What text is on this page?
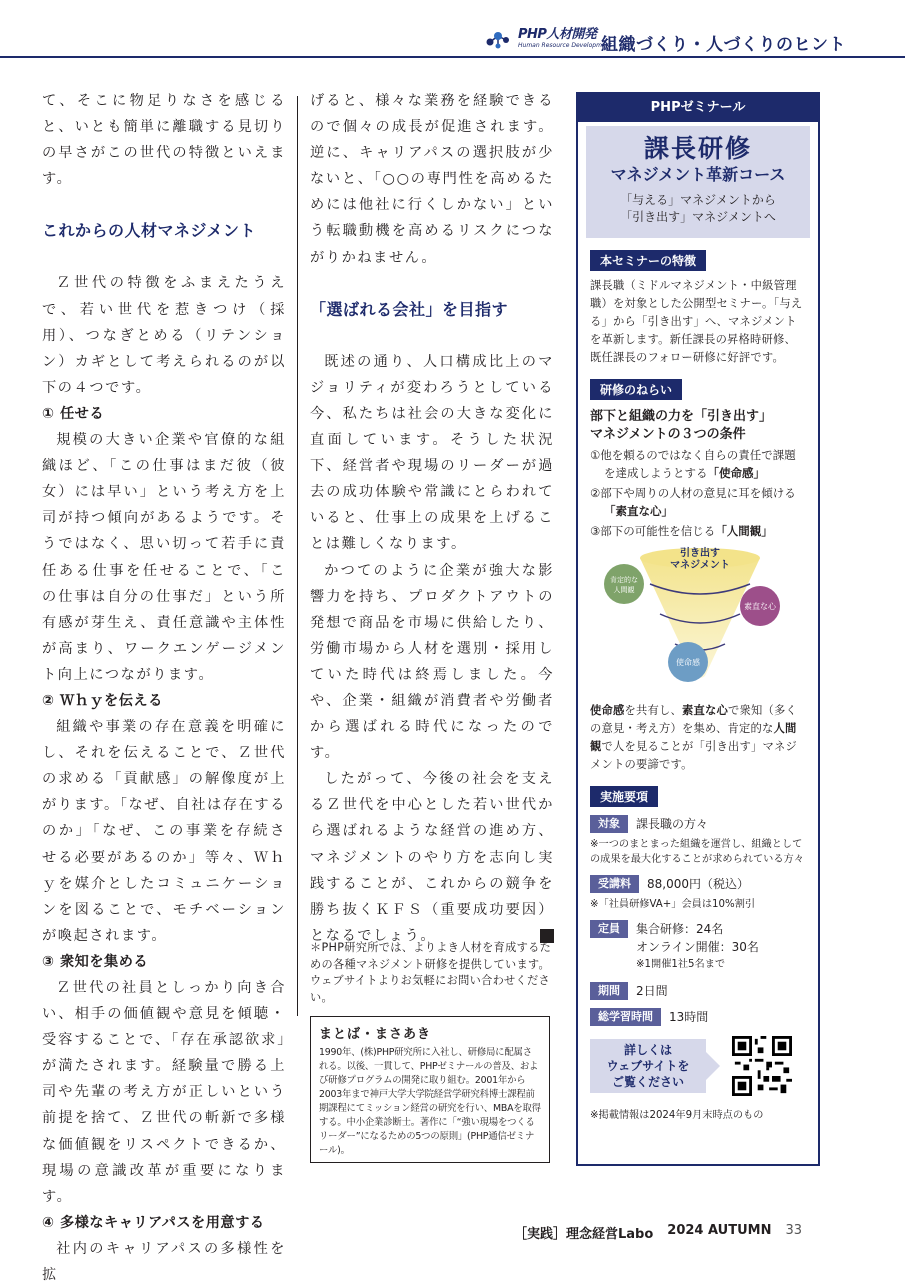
PHP人材開発
Human Resource Development
組織づくり・人づくりのヒント

て、そこに物足りなさを感じると、いとも簡単に離職する見切りの早さがこの世代の特徴といえます。

これからの人材マネジメント

Ｚ世代の特徴をふまえたうえで、若い世代を惹きつけ（採用）、つなぎとめる（リテンション）カギとして考えられるのが以下の４つです。

① 任せる

規模の大きい企業や官僚的な組織ほど、「この仕事はまだ彼（彼女）には早い」という考え方を上司が持つ傾向があるようです。そうではなく、思い切って若手に責任ある仕事を任せることで、「この仕事は自分の仕事だ」という所有感が芽生え、責任意識や主体性が高まり、ワークエンゲージメント向上につながります。

② Ｗｈｙを伝える

組織や事業の存在意義を明確にし、それを伝えることで、Ｚ世代の求める「貢献感」の解像度が上がります。「なぜ、自社は存在するのか」「なぜ、この事業を存続させる必要があるのか」等々、Ｗｈｙを媒介としたコミュニケーションを図ることで、モチベーションが喚起されます。

③ 衆知を集める

Ｚ世代の社員としっかり向き合い、相手の価値観や意見を傾聴・受容することで、「存在承認欲求」が満たされます。経験量で勝る上司や先輩の考え方が正しいという前提を捨て、Ｚ世代の斬新で多様な価値観をリスペクトできるか、現場の意識改革が重要になります。

④ 多様なキャリアパスを用意する

社内のキャリアパスの多様性を拡

げると、様々な業務を経験できるので個々の成長が促進されます。逆に、キャリアパスの選択肢が少ないと、「○○の専門性を高めるためには他社に行くしかない」という転職動機を高めるリスクにつながりかねません。

「選ばれる会社」を目指す

既述の通り、人口構成比上のマジョリティが変わろうとしている今、私たちは社会の大きな変化に直面しています。そうした状況下、経営者や現場のリーダーが過去の成功体験や常識にとらわれていると、仕事上の成果を上げることは難しくなります。

かつてのように企業が強大な影響力を持ち、プロダクトアウトの発想で商品を市場に供給したり、労働市場から人材を選別・採用していた時代は終焉しました。今や、企業・組織が消費者や労働者から選ばれる時代になったのです。

したがって、今後の社会を支えるＺ世代を中心とした若い世代から選ばれるような経営の進め方、マネジメントのやり方を志向し実践することが、これからの競争を勝ち抜くＫＦＳ（重要成功要因）となるでしょう。	L

＊PHP研究所では、よりよき人材を育成するための各種マネジメント研修を提供しています。ウェブサイトよりお気軽にお問い合わせください。

まとば・まさあき

1990年、(株)PHP研究所に入社し、研修局に配属される。以後、一貫して、PHPゼミナールの普及、および研修プログラムの開発に取り組む。2001年から2003年まで神戸大学大学院経営学研究科博士課程前期課程にてミッション経営の研究を行い、MBAを取得する。中小企業診断士。著作に「“強い現場をつくるリーダー”になるための5つの原則」(PHP通信ゼミナール)。

PHPゼミナール
課長研修
マネジメント革新コース
「与える」マネジメントから
「引き出す」マネジメントへ
本セミナーの特徴

課長職（ミドルマネジメント・中級管理職）を対象とした公開型セミナー。「与える」から「引き出す」へ、マネジメントを革新します。新任課長の昇格時研修、既任課長のフォロー研修に好評です。

研修のねらい

部下と組織の力を「引き出す」

マネジメントの３つの条件

①他を頼るのではなく自らの責任で課題を達成しようとする「使命感」

②部下や周りの人材の意見に耳を傾ける「素直な心」

③部下の可能性を信じる「人間観」

引き出す
マネジメント
肯定的な
人間観
素直な心
使命感

使命感を共有し、素直な心で衆知（多くの意見・考え方）を集め、肯定的な人間観で人を見ることが「引き出す」マネジメントの要諦です。

実施要項
対象	課長職の方々

※一つのまとまった組織を運営し、組織としての成果を最大化することが求められている方々

受講料	88,000円（税込）

※「社員研修VA+」会員は10%割引

定員	集合研修：24名
オンライン開催：30名
※1開催1社5名まで
期間	2日間
総学習時間	13時間
詳しくは
ウェブサイトを
ご覧ください
※掲載情報は2024年9月末時点のもの
［実践］理念経営Labo 2024 AUTUMN 33
